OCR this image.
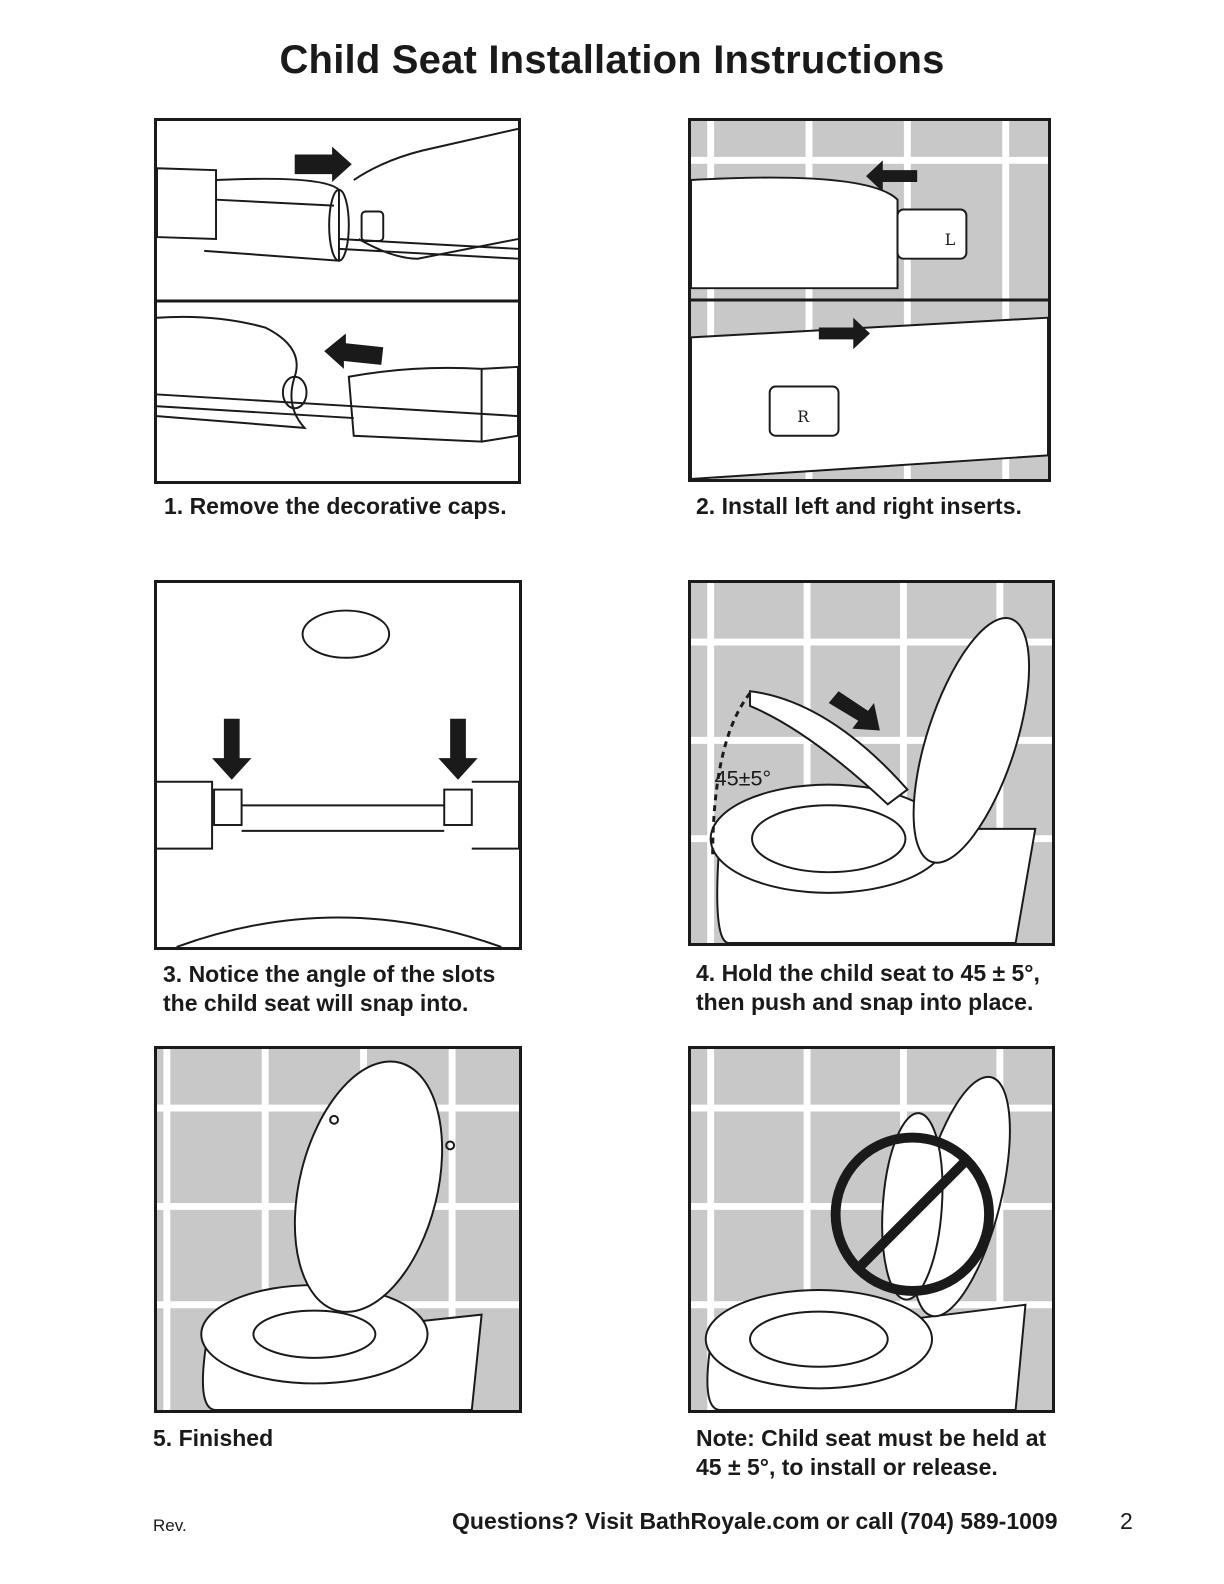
Child Seat Installation Instructions
1. Remove the decorative caps.
L
R
2. Install left and right inserts.
3. Notice the angle of the slots
the child seat will snap into.
45±5°
4. Hold the child seat to 45 ± 5°,
then push and snap into place.
5. Finished	Note: Child seat must be held at
45 ± 5°, to install or release.
Rev.	Questions? Visit BathRoyale.com or call (704) 589-1009	2
